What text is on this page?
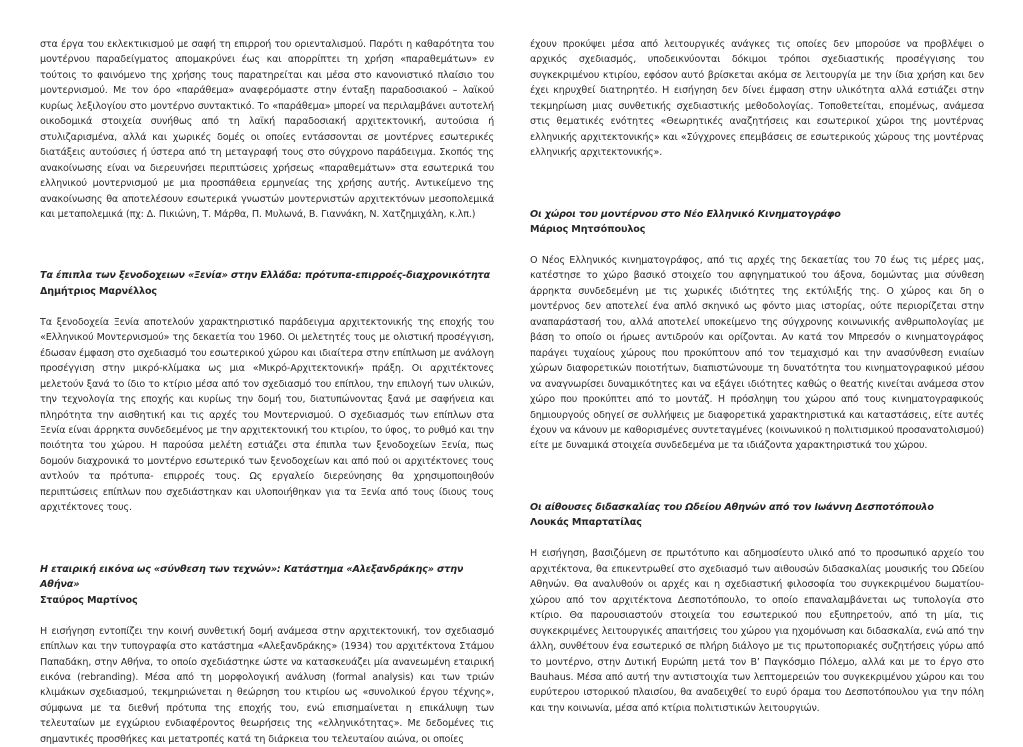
στα έργα του εκλεκτικισμού με σαφή τη επιρροή του οριενταλισμού. Παρότι η καθαρότητα του μοντέρνου παραδείγματος απομακρύνει έως και απορρίπτει τη χρήση «παραθεμάτων» εν τούτοις το φαινόμενο της χρήσης τους παρατηρείται και μέσα στο κανονιστικό πλαίσιο του μοντερνισμού. Με τον όρο «παράθεμα» αναφερόμαστε στην ένταξη παραδοσιακού – λαϊκού κυρίως λεξιλογίου στο μοντέρνο συντακτικό. Το «παράθεμα» μπορεί να περιλαμβάνει αυτοτελή οικοδομικά στοιχεία συνήθως από τη λαϊκή παραδοσιακή αρχιτεκτονική, αυτούσια ή στυλιζαρισμένα, αλλά και χωρικές δομές οι οποίες εντάσσονται σε μοντέρνες εσωτερικές διατάξεις αυτούσιες ή ύστερα από τη μεταγραφή τους στο σύγχρονο παράδειγμα. Σκοπός της ανακοίνωσης είναι να διερευνήσει περιπτώσεις χρήσεως «παραθεμάτων» στα εσωτερικά του ελληνικού μοντερνισμού με μια προσπάθεια ερμηνείας της χρήσης αυτής. Αντικείμενο της ανακοίνωσης θα αποτελέσουν εσωτερικά γνωστών μοντερνιστών αρχιτεκτόνων μεσοπολεμικά και μεταπολεμικά (πχ: Δ. Πικιώνη, Τ. Μάρθα, Π. Μυλωνά, Β. Γιαννάκη, Ν. Χατζημιχάλη, κ.λπ.)

Τα έπιπλα των ξενοδοχειων «Ξενία» στην Ελλάδα: πρότυπα-επιρροές-διαχρονικότητα

Δημήτριος Μαρνέλλος

Τα ξενοδοχεία Ξενία αποτελούν χαρακτηριστικό παράδειγμα αρχιτεκτονικής της εποχής του «Ελληνικού Μοντερνισμού» της δεκαετία του 1960. Οι μελετητές τους με ολιστική προσέγγιση, έδωσαν έμφαση στο σχεδιασμό του εσωτερικού χώρου και ιδιαίτερα στην επίπλωση με ανάλογη προσέγγιση στην μικρό-κλίμακα ως μια «Μικρό-Αρχιτεκτονική» πράξη. Οι αρχιτέκτονες μελετούν ξανά το ίδιο το κτίριο μέσα από τον σχεδιασμό του επίπλου, την επιλογή των υλικών, την τεχνολογία της εποχής και κυρίως την δομή του, διατυπώνοντας ξανά με σαφήνεια και πληρότητα την αισθητική και τις αρχές του Μοντερνισμού. Ο σχεδιασμός των επίπλων στα Ξενία είναι άρρηκτα συνδεδεμένος με την αρχιτεκτονική του κτιρίου, το ύφος, το ρυθμό και την ποιότητα του χώρου. Η παρούσα μελέτη εστιάζει στα έπιπλα των ξενοδοχείων Ξενία, πως δομούν διαχρονικά το μοντέρνο εσωτερικό των ξενοδοχείων και από πού οι αρχιτέκτονες τους αντλούν τα πρότυπα- επιρροές τους. Ως εργαλείο διερεύνησης θα χρησιμοποιηθούν περιπτώσεις επίπλων που σχεδιάστηκαν και υλοποιήθηκαν για τα Ξενία από τους ίδιους τους αρχιτέκτονες τους.

Η εταιρική εικόνα ως «σύνθεση των τεχνών»: Κατάστημα «Αλεξανδράκης» στην Αθήνα»

Σταύρος Μαρτίνος

Η εισήγηση εντοπίζει την κοινή συνθετική δομή ανάμεσα στην αρχιτεκτονική, τον σχεδιασμό επίπλων και την τυπογραφία στο κατάστημα «Αλεξανδράκης» (1934) του αρχιτέκτονα Στάμου Παπαδάκη, στην Αθήνα, το οποίο σχεδιάστηκε ώστε να κατασκευάζει μία ανανεωμένη εταιρική εικόνα (rebranding). Μέσα από τη μορφολογική ανάλυση (formal analysis) και των τριών κλιμάκων σχεδιασμού, τεκμηριώνεται η θεώρηση του κτιρίου ως «συνολικού έργου τέχνης», σύμφωνα με τα διεθνή πρότυπα της εποχής του, ενώ επισημαίνεται η επικάλυψη των τελευταίων με εγχώριου ενδιαφέροντος θεωρήσεις της «ελληνικότητας». Με δεδομένες τις σημαντικές προσθήκες και μετατροπές κατά τη διάρκεια του τελευταίου αιώνα, οι οποίες

έχουν προκύψει μέσα από λειτουργικές ανάγκες τις οποίες δεν μπορούσε να προβλέψει ο αρχικός σχεδιασμός, υποδεικνύονται δόκιμοι τρόποι σχεδιαστικής προσέγγισης του συγκεκριμένου κτιρίου, εφόσον αυτό βρίσκεται ακόμα σε λειτουργία με την ίδια χρήση και δεν έχει κηρυχθεί διατηρητέο. Η εισήγηση δεν δίνει έμφαση στην υλικότητα αλλά εστιάζει στην τεκμηρίωση μιας συνθετικής σχεδιαστικής μεθοδολογίας. Τοποθετείται, επομένως, ανάμεσα στις θεματικές ενότητες «Θεωρητικές αναζητήσεις και εσωτερικοί χώροι της μοντέρνας ελληνικής αρχιτεκτονικής» και «Σύγχρονες επεμβάσεις σε εσωτερικούς χώρους της μοντέρνας ελληνικής αρχιτεκτονικής».

Οι χώροι του μοντέρνου στο Νέο Ελληνικό Κινηματογράφο

Μάριος Μητσόπουλος

Ο Νέος Ελληνικός κινηματογράφος, από τις αρχές της δεκαετίας του 70 έως τις μέρες μας, κατέστησε το χώρο βασικό στοιχείο του αφηγηματικού του άξονα, δομώντας μια σύνθεση άρρηκτα συνδεδεμένη με τις χωρικές ιδιότητες της εκτύλιξής της. Ο χώρος και δη ο μοντέρνος δεν αποτελεί ένα απλό σκηνικό ως φόντο μιας ιστορίας, ούτε περιορίζεται στην αναπαράστασή του, αλλά αποτελεί υποκείμενο της σύγχρονης κοινωνικής ανθρωπολογίας με βάση το οποίο οι ήρωες αντιδρούν και ορίζονται. Αν κατά τον Μπρεσόν ο κινηματογράφος παράγει τυχαίους χώρους που προκύπτουν από τον τεμαχισμό και την ανασύνθεση ενιαίων χώρων διαφορετικών ποιοτήτων, διαπιστώνουμε τη δυνατότητα του κινηματογραφικού μέσου να αναγνωρίσει δυναμικότητες και να εξάγει ιδιότητες καθώς ο θεατής κινείται ανάμεσα στον χώρο που προκύπτει από το μοντάζ. Η πρόσληψη του χώρου από τους κινηματογραφικούς δημιουργούς οδηγεί σε συλλήψεις με διαφορετικά χαρακτηριστικά και καταστάσεις, είτε αυτές έχουν να κάνουν με καθορισμένες συντεταγμένες (κοινωνικού η πολιτισμικού προσανατολισμού) είτε με δυναμικά στοιχεία συνδεδεμένα με τα ιδιάζοντα χαρακτηριστικά του χώρου.

Οι αίθουσες διδασκαλίας του Ωδείου Αθηνών από τον Ιωάννη Δεσποτόπουλο

Λουκάς Μπαρτατίλας

Η εισήγηση, βασιζόμενη σε πρωτότυπο και αδημοσίευτο υλικό από το προσωπικό αρχείο του αρχιτέκτονα, θα επικεντρωθεί στο σχεδιασμό των αιθουσών διδασκαλίας μουσικής του Ωδείου Αθηνών. Θα αναλυθούν οι αρχές και η σχεδιαστική φιλοσοφία του συγκεκριμένου δωματίου-χώρου από τον αρχιτέκτονα Δεσποτόπουλο, το οποίο επαναλαμβάνεται ως τυπολογία στο κτίριο. Θα παρουσιαστούν στοιχεία του εσωτερικού που εξυπηρετούν, από τη μία, τις συγκεκριμένες λειτουργικές απαιτήσεις του χώρου για ηχομόνωση και διδασκαλία, ενώ από την άλλη, συνθέτουν ένα εσωτερικό σε πλήρη διάλογο με τις πρωτοποριακές συζητήσεις γύρω από το μοντέρνο, στην Δυτική Ευρώπη μετά τον Β’ Παγκόσμιο Πόλεμο, αλλά και με το έργο στο Bauhaus. Μέσα από αυτή την αντιστοιχία των λεπτομερειών του συγκεκριμένου χώρου και του ευρύτερου ιστορικού πλαισίου, θα αναδειχθεί το ευρύ όραμα του Δεσποτόπουλου για την πόλη και την κοινωνία, μέσα από κτίρια πολιτιστικών λειτουργιών.
